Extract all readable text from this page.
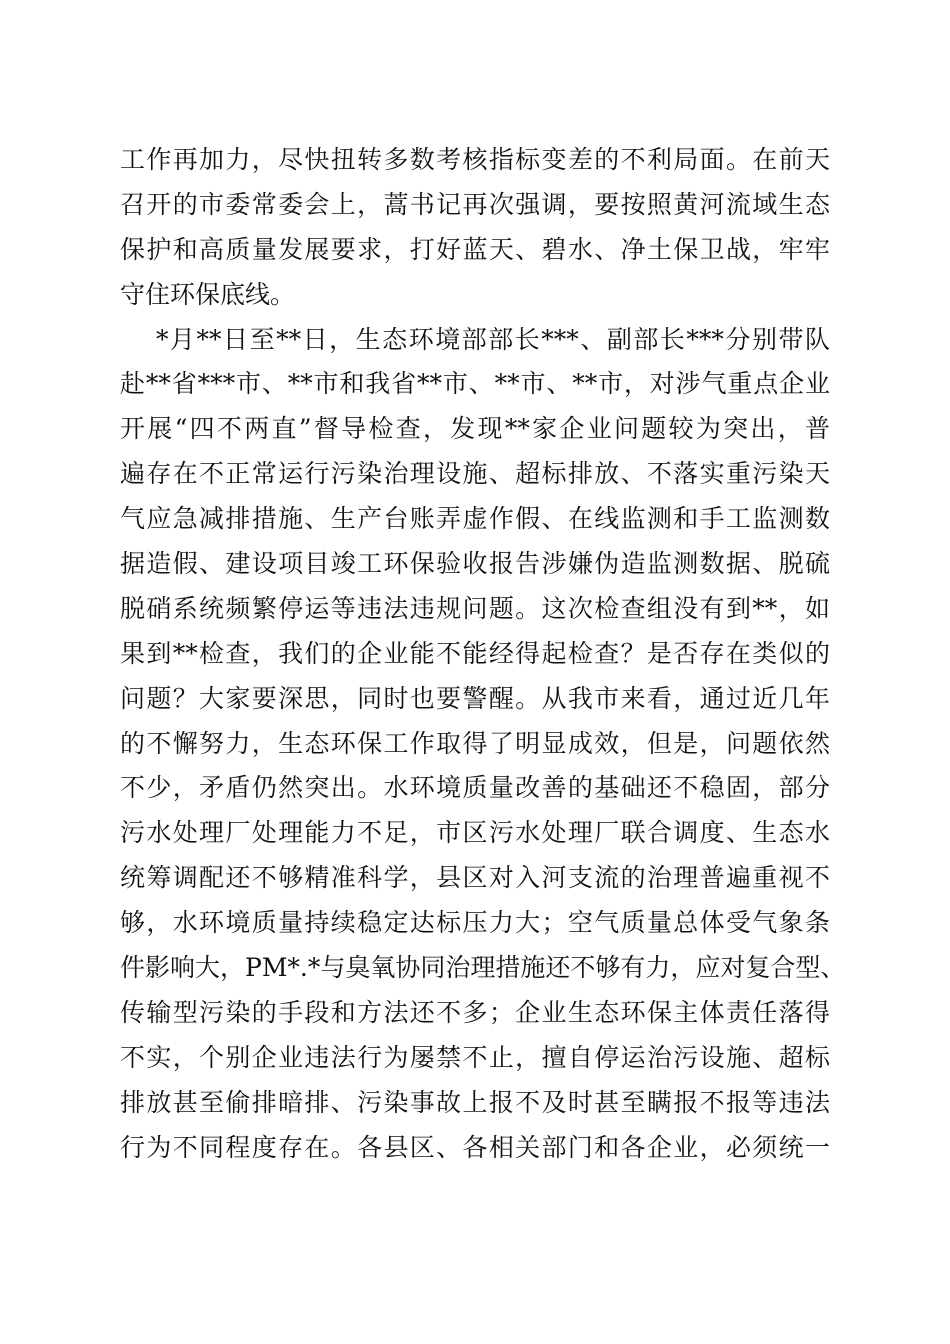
工作再加力，尽快扭转多数考核指标变差的不利局面。在前天
召开的市委常委会上，蒿书记再次强调，要按照黄河流域生态
保护和高质量发展要求，打好蓝天、碧水、净土保卫战，牢牢
守住环保底线。
*月**日至**日，生态环境部部长***、副部长***分别带队
赴**省***市、**市和我省**市、**市、**市，对涉气重点企业
开展“四不两直”督导检查，发现**家企业问题较为突出，普
遍存在不正常运行污染治理设施、超标排放、不落实重污染天
气应急减排措施、生产台账弄虚作假、在线监测和手工监测数
据造假、建设项目竣工环保验收报告涉嫌伪造监测数据、脱硫
脱硝系统频繁停运等违法违规问题。这次检查组没有到**，如
果到**检查，我们的企业能不能经得起检查？是否存在类似的
问题？大家要深思，同时也要警醒。从我市来看，通过近几年
的不懈努力，生态环保工作取得了明显成效，但是，问题依然
不少，矛盾仍然突出。水环境质量改善的基础还不稳固，部分
污水处理厂处理能力不足，市区污水处理厂联合调度、生态水
统筹调配还不够精准科学，县区对入河支流的治理普遍重视不
够，水环境质量持续稳定达标压力大；空气质量总体受气象条
件影响大，PM*.*与臭氧协同治理措施还不够有力，应对复合型、
传输型污染的手段和方法还不多；企业生态环保主体责任落得
不实，个别企业违法行为屡禁不止，擅自停运治污设施、超标
排放甚至偷排暗排、污染事故上报不及时甚至瞒报不报等违法
行为不同程度存在。各县区、各相关部门和各企业，必须统一
